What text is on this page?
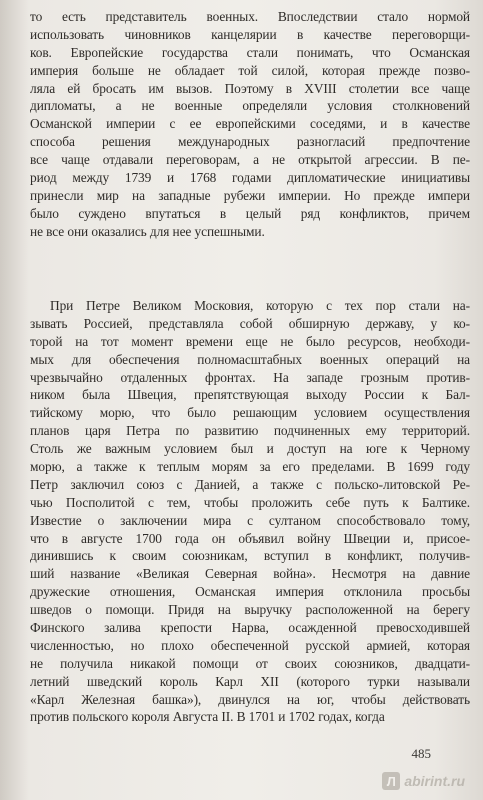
то есть представитель военных. Впоследствии стало нормой
использовать чиновников канцелярии в качестве переговорщи-
ков. Европейские государства стали понимать, что Османская
империя больше не обладает той силой, которая прежде позво-
ляла ей бросать им вызов. Поэтому в XVIII столетии все чаще
дипломаты, а не военные определяли условия столкновений
Османской империи с ее европейскими соседями, и в качестве
способа решения международных разногласий предпочтение
все чаще отдавали переговорам, а не открытой агрессии. В пе-
риод между 1739 и 1768 годами дипломатические инициативы
принесли мир на западные рубежи империи. Но прежде импери
было суждено впутаться в целый ряд конфликтов, причем
не все они оказались для нее успешными.
При Петре Великом Московия, которую с тех пор стали на-
зывать Россией, представляла собой обширную державу, у ко-
торой на тот момент времени еще не было ресурсов, необходи-
мых для обеспечения полномасштабных военных операций на
чрезвычайно отдаленных фронтах. На западе грозным против-
ником была Швеция, препятствующая выходу России к Бал-
тийскому морю, что было решающим условием осуществления
планов царя Петра по развитию подчиненных ему территорий.
Столь же важным условием был и доступ на юге к Черному
морю, а также к теплым морям за его пределами. В 1699 году
Петр заключил союз с Данией, а также с польско-литовской Ре-
чью Посполитой с тем, чтобы проложить себе путь к Балтике.
Известие о заключении мира с султаном способствовало тому,
что в августе 1700 года он объявил войну Швеции и, присое-
динившись к своим союзникам, вступил в конфликт, получив-
ший название «Великая Северная война». Несмотря на давние
дружеские отношения, Османская империя отклонила просьбы
шведов о помощи. Придя на выручку расположенной на берегу
Финского залива крепости Нарва, осажденной превосходившей
численностью, но плохо обеспеченной русской армией, которая
не получила никакой помощи от своих союзников, двадцати-
летний шведский король Карл XII (которого турки называли
«Карл Железная башка»), двинулся на юг, чтобы действовать
против польского короля Августа II. В 1701 и 1702 годах, когда
485
Л abirint.ru
